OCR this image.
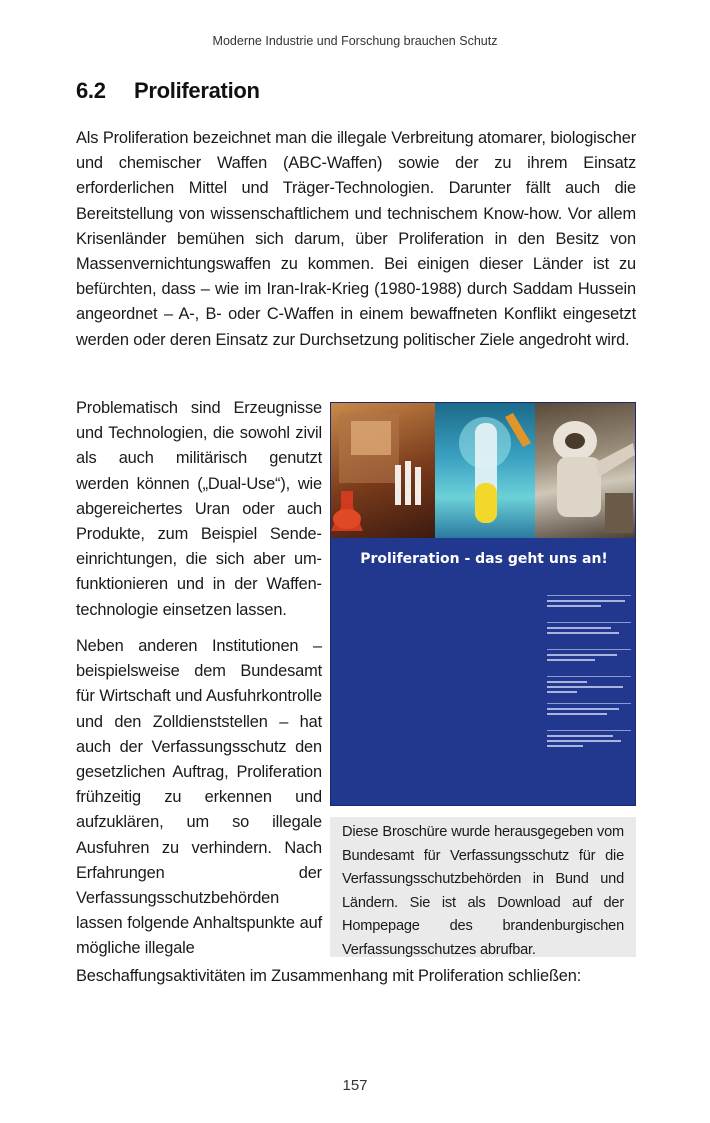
Moderne Industrie und Forschung brauchen Schutz
6.2 Proliferation

Als Proliferation bezeichnet man die illegale Verbreitung atomarer, biologischer und chemischer Waffen (ABC-Waffen) sowie der zu ihrem Einsatz erforderlichen Mittel und Träger-Technologien. Darunter fällt auch die Bereitstellung von wissenschaftlichem und technischem Know-how. Vor allem Krisenländer bemühen sich darum, über Proliferation in den Besitz von Massenvernichtungswaffen zu kommen. Bei einigen dieser Länder ist zu befürchten, dass – wie im Iran-Irak-Krieg (1980-1988) durch Saddam Hussein angeordnet – A-, B- oder C-Waffen in einem bewaffneten Konflikt eingesetzt werden oder deren Einsatz zur Durchsetzung politischer Ziele angedroht wird.

Problematisch sind Erzeugnisse und Technologien, die sowohl zivil als auch militärisch genutzt werden können („Dual-Use“), wie abgereichertes Uran oder auch Produkte, zum Beispiel Sendeeinrichtungen, die sich aber umfunktionieren und in der Waffentechnologie einsetzen lassen.

Neben anderen Institutionen – beispielsweise dem Bundesamt für Wirtschaft und Ausfuhrkontrolle und den Zolldienststellen – hat auch der Verfassungsschutz den gesetzlichen Auftrag, Proliferation frühzeitig zu erkennen und aufzuklären, um so illegale Ausfuhren zu verhindern. Nach Erfahrungen der Verfassungsschutzbehörden lassen folgende Anhaltspunkte auf mögliche illegale

Beschaffungsaktivitäten im Zusammenhang mit Proliferation schließen:
Proliferation - das geht uns an!
Diese Broschüre wurde herausgegeben vom Bundesamt für Verfassungsschutz für die Verfassungsschutzbehörden in Bund und Ländern. Sie ist als Download auf der Hompepage des brandenburgischen Verfassungsschutzes abrufbar.
157
